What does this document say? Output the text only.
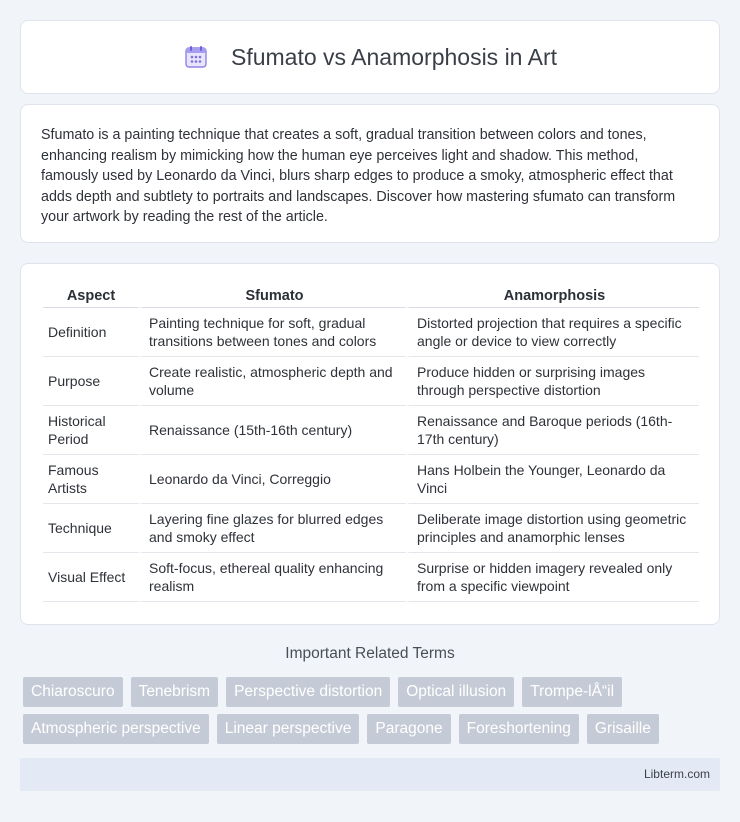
Sfumato vs Anamorphosis in Art

Sfumato is a painting technique that creates a soft, gradual transition between colors and tones, enhancing realism by mimicking how the human eye perceives light and shadow. This method, famously used by Leonardo da Vinci, blurs sharp edges to produce a smoky, atmospheric effect that adds depth and subtlety to portraits and landscapes. Discover how mastering sfumato can transform your artwork by reading the rest of the article.

Aspect	Sfumato	Anamorphosis
Definition	Painting technique for soft, gradual transitions between tones and colors	Distorted projection that requires a specific angle or device to view correctly
Purpose	Create realistic, atmospheric depth and volume	Produce hidden or surprising images through perspective distortion
Historical Period	Renaissance (15th-16th century)	Renaissance and Baroque periods (16th-17th century)
Famous Artists	Leonardo da Vinci, Correggio	Hans Holbein the Younger, Leonardo da Vinci
Technique	Layering fine glazes for blurred edges and smoky effect	Deliberate image distortion using geometric principles and anamorphic lenses
Visual Effect	Soft-focus, ethereal quality enhancing realism	Surprise or hidden imagery revealed only from a specific viewpoint
Important Related Terms
Chiaroscuro	Tenebrism	Perspective distortion	Optical illusion	Trompe-lÅ“il
Atmospheric perspective	Linear perspective	Paragone	Foreshortening	Grisaille
Libterm.com
